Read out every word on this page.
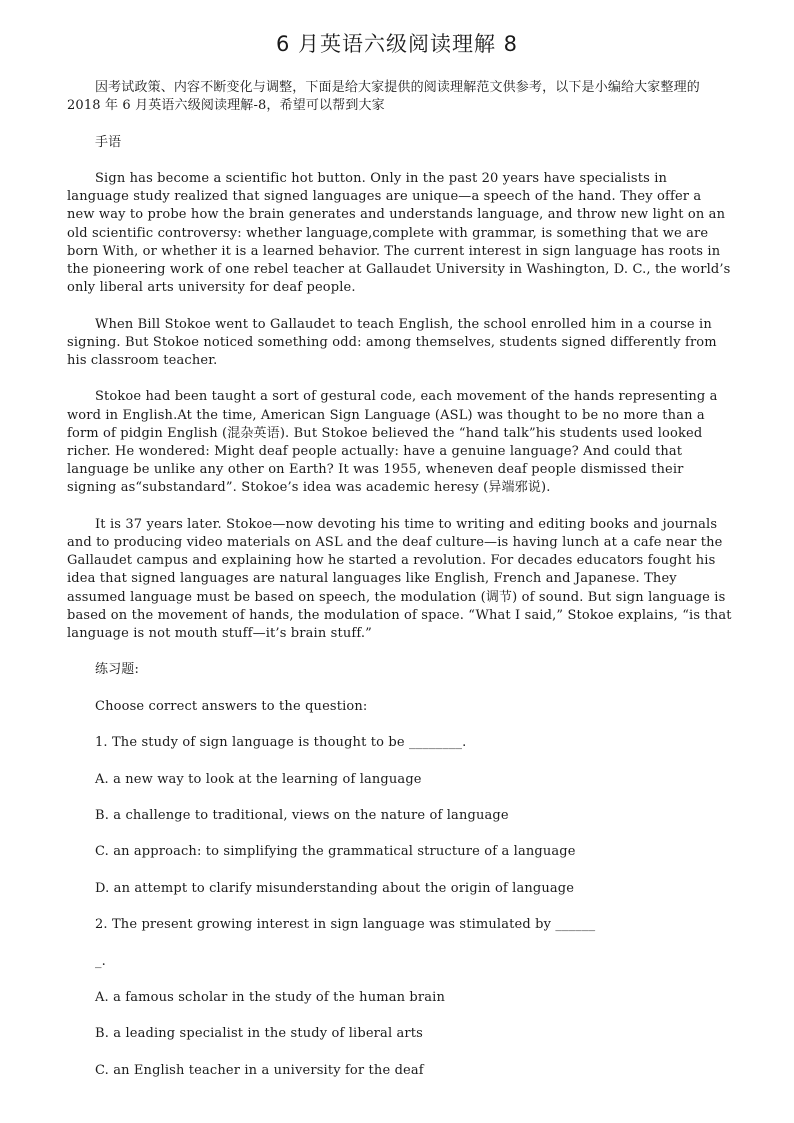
6 月英语六级阅读理解 8

因考试政策、内容不断变化与调整，下面是给大家提供的阅读理解范文供参考，以下是小编给大家整理的 2018 年 6 月英语六级阅读理解-8，希望可以帮到大家

手语

Sign has become a scientific hot button. Only in the past 20 years have specialists in language study realized that signed languages are unique—a speech of the hand. They offer a new way to probe how the brain generates and understands language, and throw new light on an old scientific controversy: whether language,complete with grammar, is something that we are born With, or whether it is a learned behavior. The current interest in sign language has roots in the pioneering work of one rebel teacher at Gallaudet University in Washington, D. C., the world’s only liberal arts university for deaf people.

When Bill Stokoe went to Gallaudet to teach English, the school enrolled him in a course in signing. But Stokoe noticed something odd: among themselves, students signed differently from his classroom teacher.

Stokoe had been taught a sort of gestural code, each movement of the hands representing a word in English.At the time, American Sign Language (ASL) was thought to be no more than a form of pidgin English (混杂英语). But Stokoe believed the “hand talk”his students used looked richer. He wondered: Might deaf people actually: have a genuine language? And could that language be unlike any other on Earth? It was 1955, wheneven deaf people dismissed their signing as“substandard”. Stokoe’s idea was academic heresy (异端邪说).

It is 37 years later. Stokoe—now devoting his time to writing and editing books and journals and to producing video materials on ASL and the deaf culture—is having lunch at a cafe near the Gallaudet campus and explaining how he started a revolution. For decades educators fought his idea that signed languages are natural languages like English, French and Japanese. They assumed language must be based on speech, the modulation (调节) of sound. But sign language is based on the movement of hands, the modulation of space. “What I said,” Stokoe explains, “is that language is not mouth stuff—it’s brain stuff.”

练习题:

Choose correct answers to the question:

1. The study of sign language is thought to be ________.

A. a new way to look at the learning of language

B. a challenge to traditional, views on the nature of language

C. an approach: to simplifying the grammatical structure of a language

D. an attempt to clarify misunderstanding about the origin of language

2. The present growing interest in sign language was stimulated by ______

_.

A. a famous scholar in the study of the human brain

B. a leading specialist in the study of liberal arts

C. an English teacher in a university for the deaf
